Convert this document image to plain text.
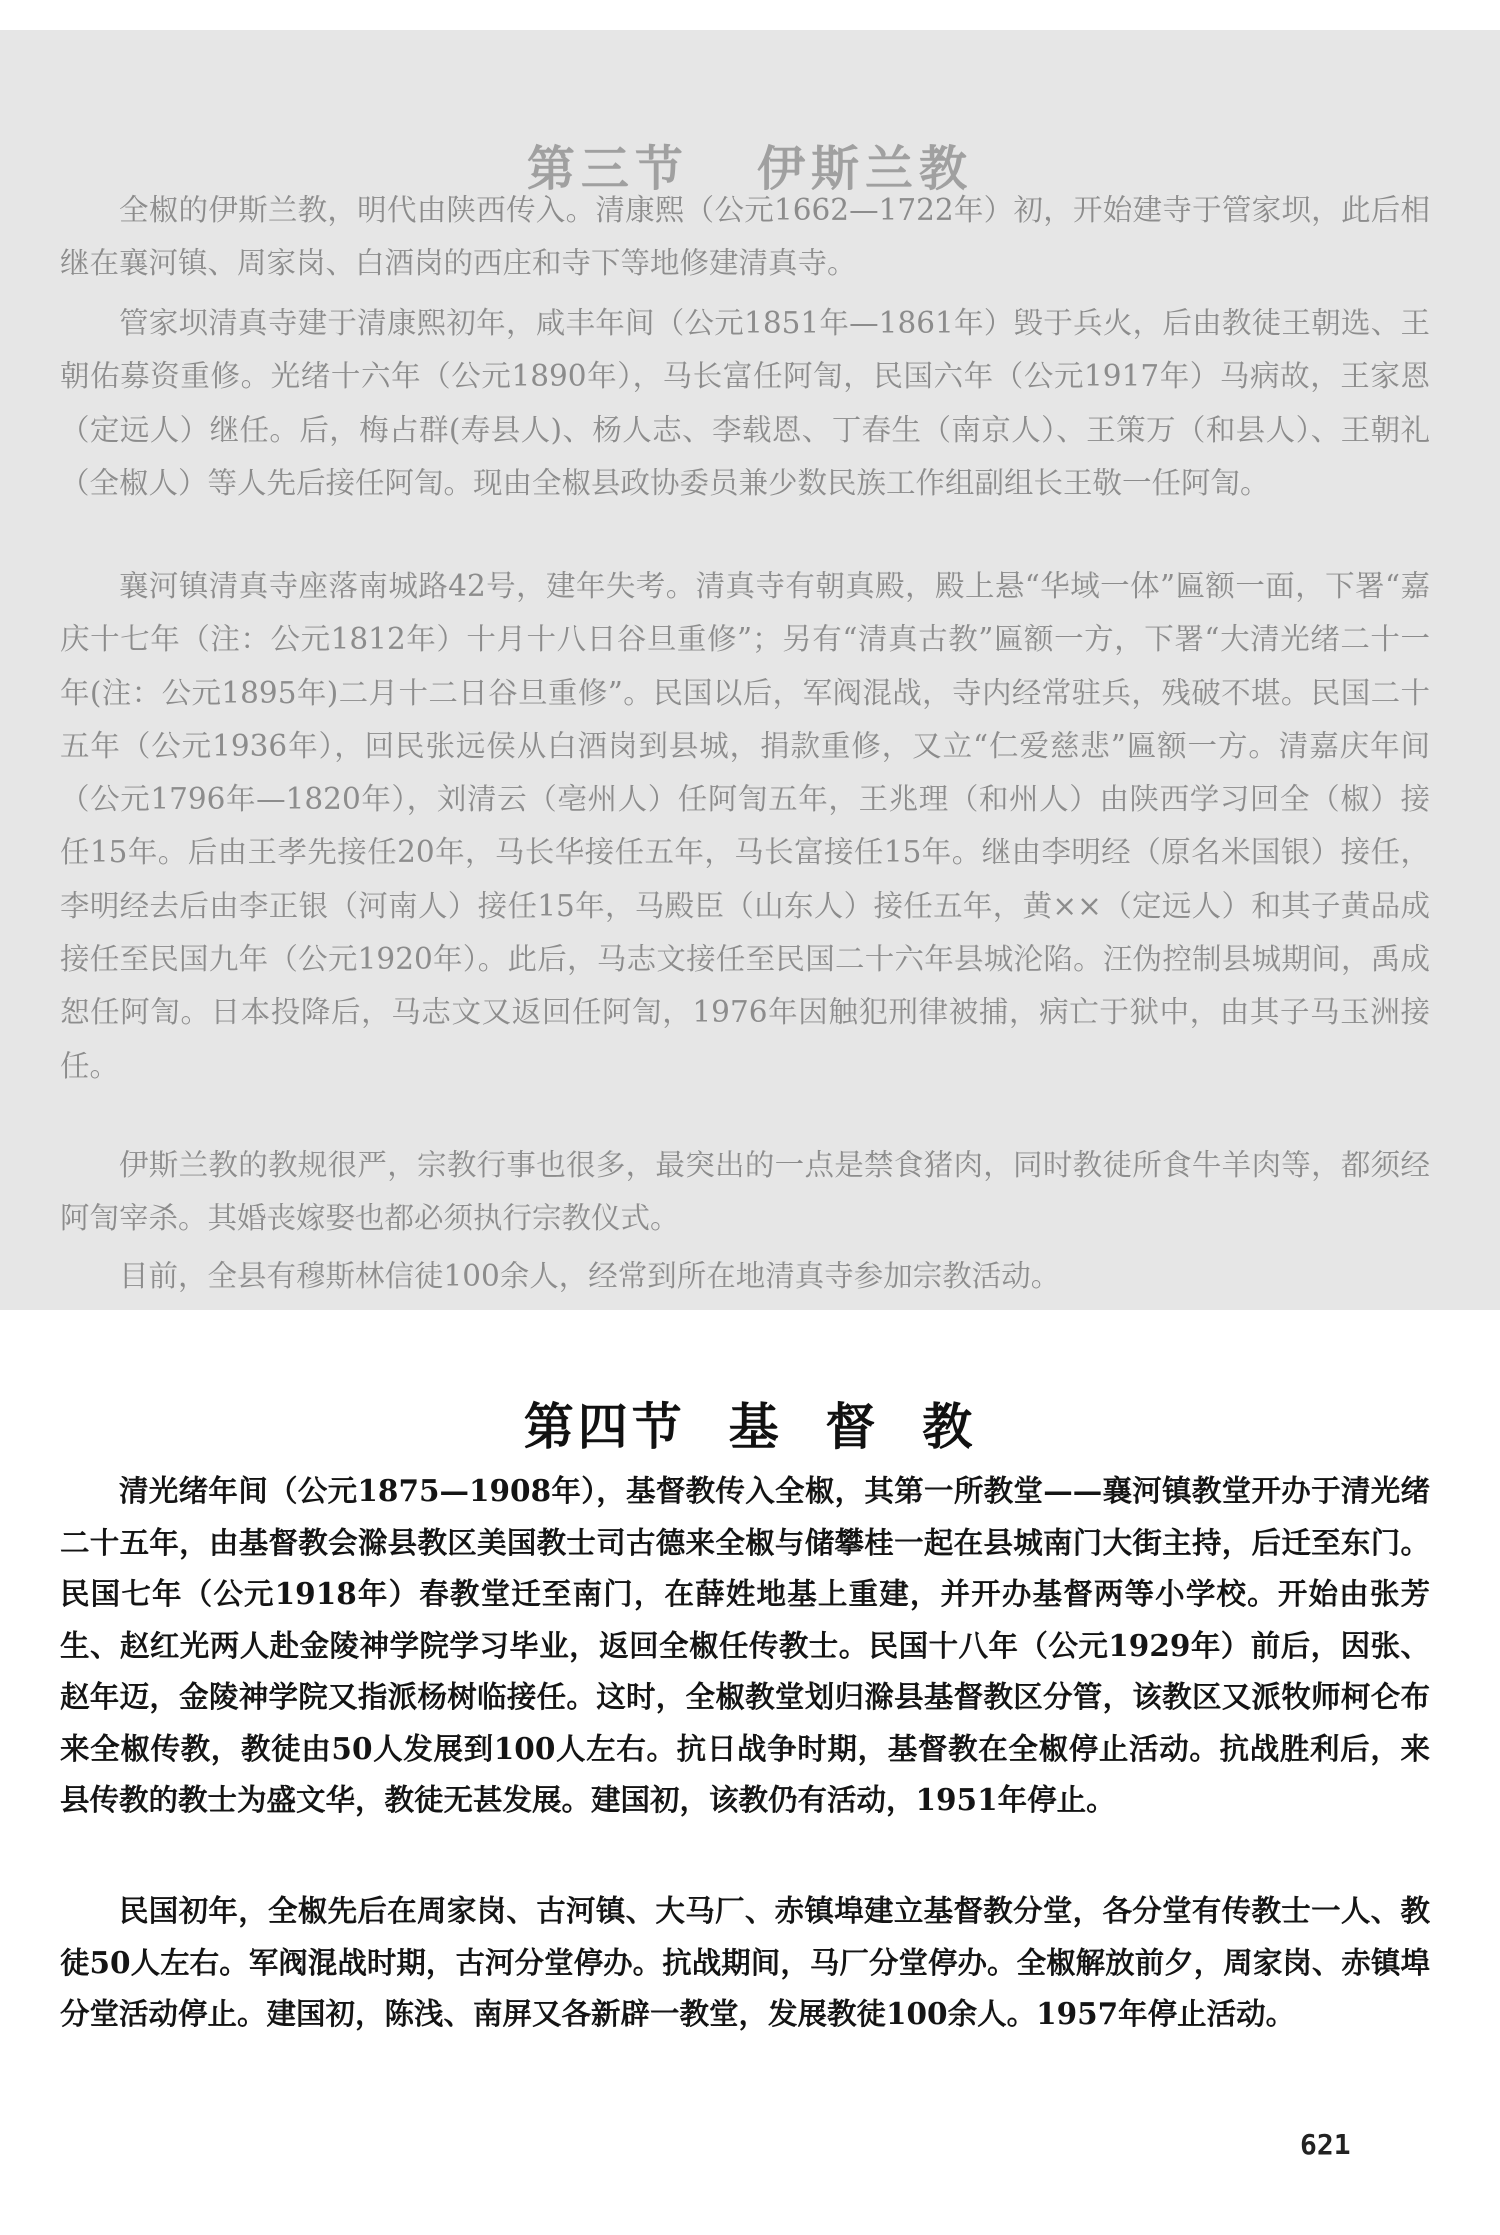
第三节   伊斯兰教

全椒的伊斯兰教，明代由陕西传入。清康熙（公元1662—1722年）初，开始建寺于管家坝，此后相继在襄河镇、周家岗、白酒岗的西庄和寺下等地修建清真寺。

管家坝清真寺建于清康熙初年，咸丰年间（公元1851年—1861年）毁于兵火，后由教徒王朝选、王朝佑募资重修。光绪十六年（公元1890年），马长富任阿訇，民国六年（公元1917年）马病故，王家恩（定远人）继任。后，梅占群(寿县人)、杨人志、李载恩、丁春生（南京人）、王策万（和县人）、王朝礼（全椒人）等人先后接任阿訇。现由全椒县政协委员兼少数民族工作组副组长王敬一任阿訇。

襄河镇清真寺座落南城路42号，建年失考。清真寺有朝真殿，殿上悬“华域一体”匾额一面，下署“嘉庆十七年（注：公元1812年）十月十八日谷旦重修”；另有“清真古教”匾额一方，下署“大清光绪二十一年(注：公元1895年)二月十二日谷旦重修”。民国以后，军阀混战，寺内经常驻兵，残破不堪。民国二十五年（公元1936年），回民张远侯从白酒岗到县城，捐款重修，又立“仁爱慈悲”匾额一方。清嘉庆年间（公元1796年—1820年），刘清云（亳州人）任阿訇五年，王兆理（和州人）由陕西学习回全（椒）接任15年。后由王孝先接任20年，马长华接任五年，马长富接任15年。继由李明经（原名米国银）接任，李明经去后由李正银（河南人）接任15年，马殿臣（山东人）接任五年，黄××（定远人）和其子黄品成接任至民国九年（公元1920年）。此后，马志文接任至民国二十六年县城沦陷。汪伪控制县城期间，禹成恕任阿訇。日本投降后，马志文又返回任阿訇，1976年因触犯刑律被捕，病亡于狱中，由其子马玉洲接任。

伊斯兰教的教规很严，宗教行事也很多，最突出的一点是禁食猪肉，同时教徒所食牛羊肉等，都须经阿訇宰杀。其婚丧嫁娶也都必须执行宗教仪式。

目前，全县有穆斯林信徒100余人，经常到所在地清真寺参加宗教活动。

第四节  基  督  教

清光绪年间（公元1875—1908年），基督教传入全椒，其第一所教堂——襄河镇教堂开办于清光绪二十五年，由基督教会滁县教区美国教士司古德来全椒与储攀桂一起在县城南门大街主持，后迁至东门。民国七年（公元1918年）春教堂迁至南门，在薛姓地基上重建，并开办基督两等小学校。开始由张芳生、赵红光两人赴金陵神学院学习毕业，返回全椒任传教士。民国十八年（公元1929年）前后，因张、赵年迈，金陵神学院又指派杨树临接任。这时，全椒教堂划归滁县基督教区分管，该教区又派牧师柯仑布来全椒传教，教徒由50人发展到100人左右。抗日战争时期，基督教在全椒停止活动。抗战胜利后，来县传教的教士为盛文华，教徒无甚发展。建国初，该教仍有活动，1951年停止。

民国初年，全椒先后在周家岗、古河镇、大马厂、赤镇埠建立基督教分堂，各分堂有传教士一人、教徒50人左右。军阀混战时期，古河分堂停办。抗战期间，马厂分堂停办。全椒解放前夕，周家岗、赤镇埠分堂活动停止。建国初，陈浅、南屏又各新辟一教堂，发展教徒100余人。1957年停止活动。

621
